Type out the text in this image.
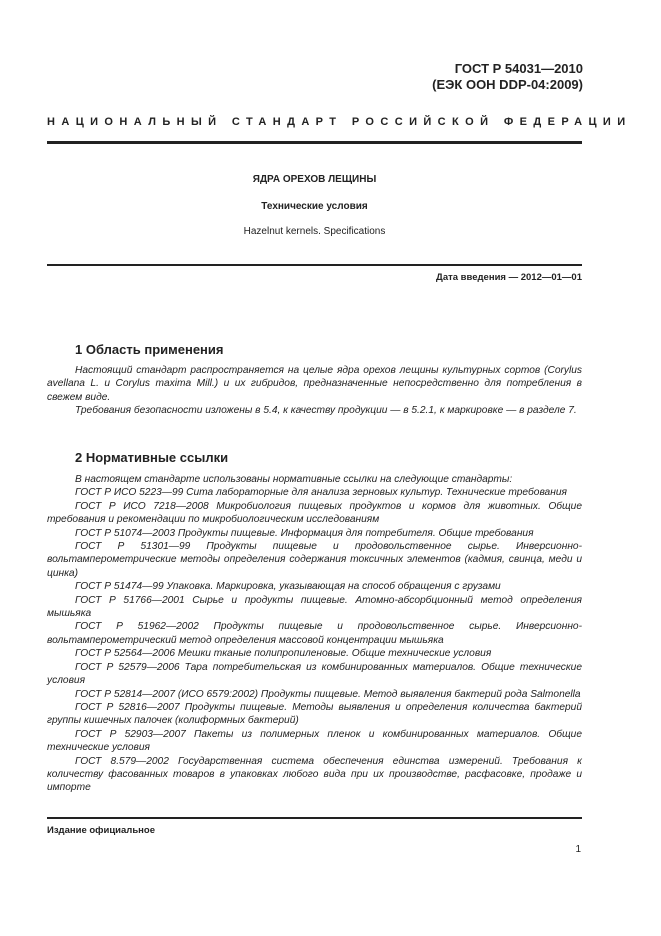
ГОСТ Р 54031—2010
(ЕЭК ООН DDP-04:2009)
НАЦИОНАЛЬНЫЙ СТАНДАРТ РОССИЙСКОЙ ФЕДЕРАЦИИ
ЯДРА ОРЕХОВ ЛЕЩИНЫ
Технические условия
Hazelnut kernels. Specifications
Дата введения — 2012—01—01
1 Область применения

Настоящий стандарт распространяется на целые ядра орехов лещины культурных сортов (Corylus avellana L. и Corylus maxima Mill.) и их гибридов, предназначенные непосредственно для потребления в свежем виде.

Требования безопасности изложены в 5.4, к качеству продукции — в 5.2.1, к маркировке — в разделе 7.

2 Нормативные ссылки

В настоящем стандарте использованы нормативные ссылки на следующие стандарты:

ГОСТ Р ИСО 5223—99 Сита лабораторные для анализа зерновых культур. Технические требования

ГОСТ Р ИСО 7218—2008 Микробиология пищевых продуктов и кормов для животных. Общие требования и рекомендации по микробиологическим исследованиям

ГОСТ Р 51074—2003 Продукты пищевые. Информация для потребителя. Общие требования

ГОСТ Р 51301—99 Продукты пищевые и продовольственное сырье. Инверсионно-вольтамперометрические методы определения содержания токсичных элементов (кадмия, свинца, меди и цинка)

ГОСТ Р 51474—99 Упаковка. Маркировка, указывающая на способ обращения с грузами

ГОСТ Р 51766—2001 Сырье и продукты пищевые. Атомно-абсорбционный метод определения мышьяка

ГОСТ Р 51962—2002 Продукты пищевые и продовольственное сырье. Инверсионно-вольтамперометрический метод определения массовой концентрации мышьяка

ГОСТ Р 52564—2006 Мешки тканые полипропиленовые. Общие технические условия

ГОСТ Р 52579—2006 Тара потребительская из комбинированных материалов. Общие технические условия

ГОСТ Р 52814—2007 (ИСО 6579:2002) Продукты пищевые. Метод выявления бактерий рода Salmonella

ГОСТ Р 52816—2007 Продукты пищевые. Методы выявления и определения количества бактерий группы кишечных палочек (колиформных бактерий)

ГОСТ Р 52903—2007 Пакеты из полимерных пленок и комбинированных материалов. Общие технические условия

ГОСТ 8.579—2002 Государственная система обеспечения единства измерений. Требования к количеству фасованных товаров в упаковках любого вида при их производстве, расфасовке, продаже и импорте

Издание официальное
1
